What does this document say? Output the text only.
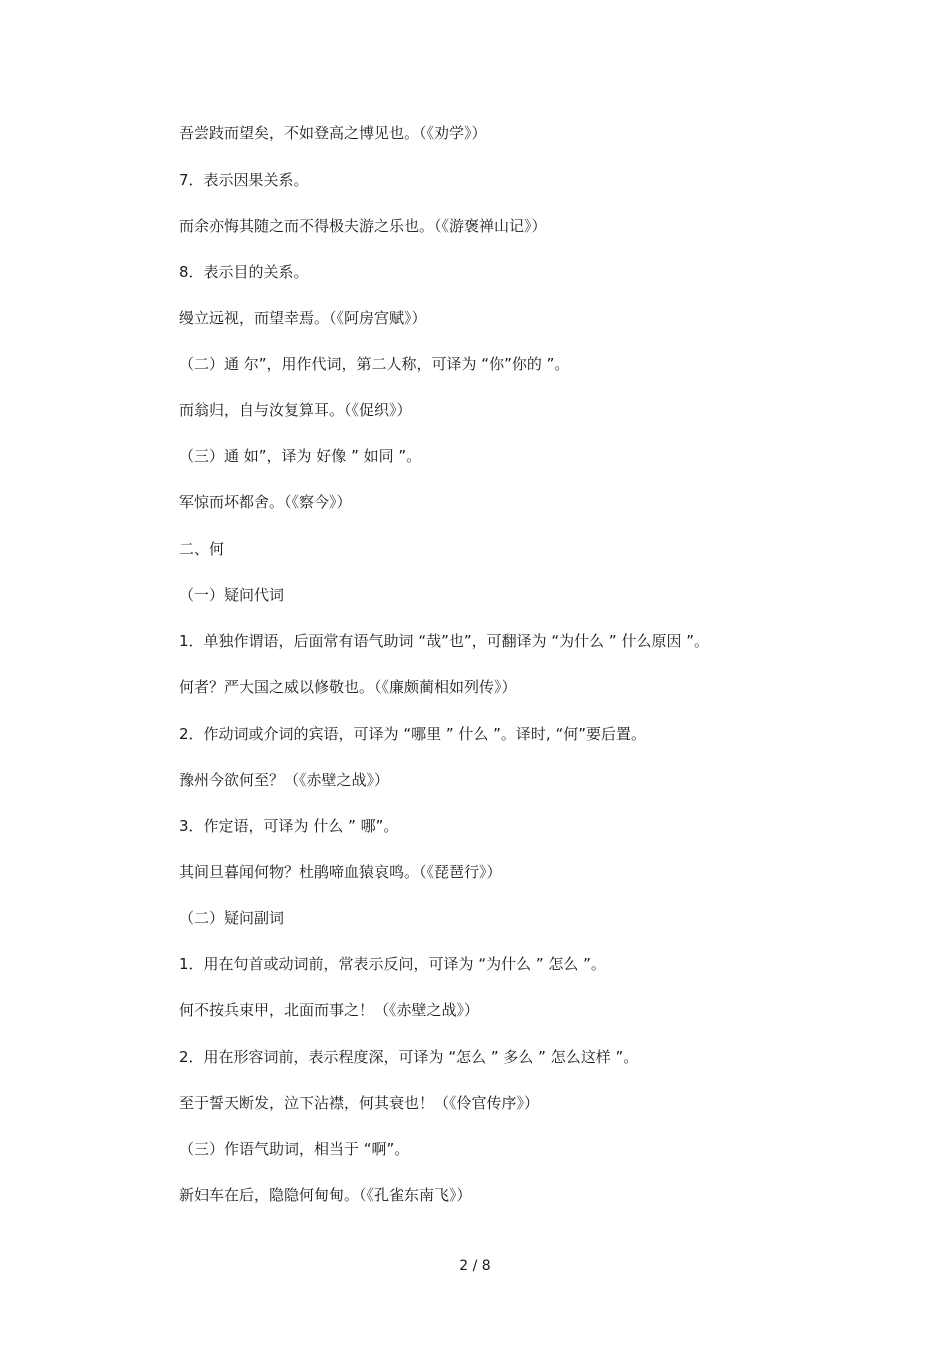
吾尝跂而望矣，不如登高之博见也。（《劝学》）
7．表示因果关系。
而余亦悔其随之而不得极夫游之乐也。（《游褒禅山记》）
8．表示目的关系。
缦立远视，而望幸焉。（《阿房宫赋》）
（二）通 尔”，用作代词，第二人称，可译为 “你”你的 ”。
而翁归，自与汝复算耳。（《促织》）
（三）通 如”，译为 好像 ” 如同 ”。
军惊而坏都舍。（《察今》）
二、何
（一）疑问代词
1．单独作谓语，后面常有语气助词 “哉”也”，可翻译为 “为什么 ” 什么原因 ”。
何者？严大国之威以修敬也。（《廉颇蔺相如列传》）
2．作动词或介词的宾语，可译为 “哪里 ” 什么 ”。译时, “何”要后置。
豫州今欲何至？（《赤壁之战》）
3．作定语，可译为 什么 ” 哪”。
其间旦暮闻何物？杜鹃啼血猿哀鸣。（《琵琶行》）
（二）疑问副词
1．用在句首或动词前，常表示反问，可译为 “为什么 ” 怎么 ”。
何不按兵束甲，北面而事之！（《赤壁之战》）
2．用在形容词前，表示程度深，可译为 “怎么 ” 多么 ” 怎么这样 ”。
至于誓天断发，泣下沾襟，何其衰也！（《伶官传序》）
（三）作语气助词，相当于 “啊”。
新妇车在后，隐隐何甸甸。（《孔雀东南飞》）
2 / 8
